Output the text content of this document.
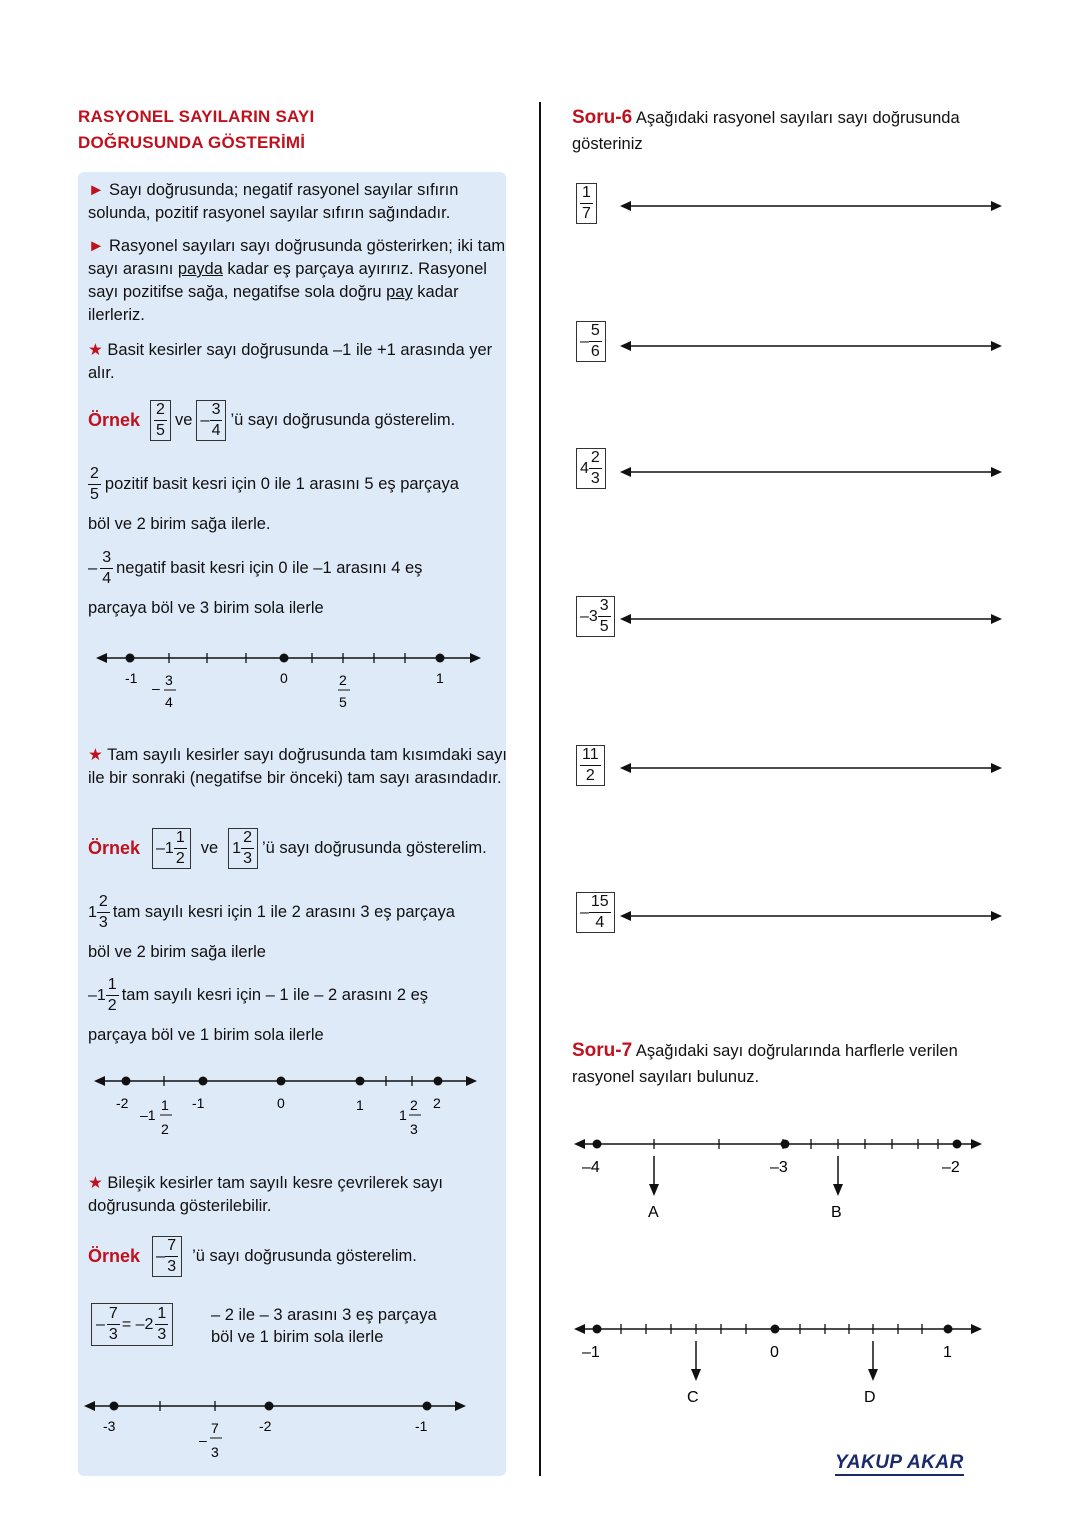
RASYONEL SAYILARIN SAYI
DOĞRUSUNDA GÖSTERİMİ
► Sayı doğrusunda; negatif rasyonel sayılar sıfırın solunda, pozitif rasyonel sayılar sıfırın sağındadır.
► Rasyonel sayıları sayı doğrusunda gösterirken; iki tam sayı arasını payda kadar eş parçaya ayırırız. Rasyonel sayı pozitifse sağa, negatifse sola doğru pay kadar ilerleriz.
★ Basit kesirler sayı doğrusunda –1 ile +1 arasında yer alır.
Örnek $\frac{2}{5}$ ve – $\frac{3}{4}$ ’ü sayı doğrusunda gösterelim.
$\frac{2}{5}$ pozitif basit kesri için 0 ile 1 arasını 5 eş parçaya
böl ve 2 birim sağa ilerle.
– $\frac{3}{4}$ negatif basit kesri için 0 ile –1 arasını 4 eş
parçaya böl ve 3 birim sola ilerle
-1	0	1
– 3
4
2
5
★ Tam sayılı kesirler sayı doğrusunda tam kısımdaki sayı ile bir sonraki (negatifse bir önceki) tam sayı arasındadır.
Örnek $-1 \frac{1}{2}$ ve $1 \frac{2}{3}$ ’ü sayı doğrusunda gösterelim.
$1 \frac{2}{3}$ tam sayılı kesri için 1 ile 2 arasını 3 eş parçaya
böl ve 2 birim sağa ilerle
$-1 \frac{1}{2}$ tam sayılı kesri için – 1 ile – 2 arasını 2 eş
parçaya böl ve 1 birim sola ilerle
-2	-1	0	1	2
–1
1
2
1
2
3
★ Bileşik kesirler tam sayılı kesre çevrilerek sayı doğrusunda gösterilebilir.
Örnek – $\frac{7}{3}$ ’ü sayı doğrusunda gösterelim.
– $\frac{7}{3} = -2 \frac{1}{3}$	– 2 ile – 3 arasını 3 eş parçaya
böl ve 1 birim sola ilerle
-3	-2	-1
–
7
3
Soru-6 Aşağıdaki rasyonel sayıları sayı doğrusunda gösteriniz
$\frac{1}{7}$
– $\frac{5}{6}$
$4 \frac{2}{3}$
$-3 \frac{3}{5}$
$\frac{11}{2}$
– $\frac{15}{4}$
Soru-7 Aşağıdaki sayı doğrularında harflerle verilen rasyonel sayıları bulunuz.
–4	–3	–2
A	B
–1	0	1
C	D
YAKUP AKAR
